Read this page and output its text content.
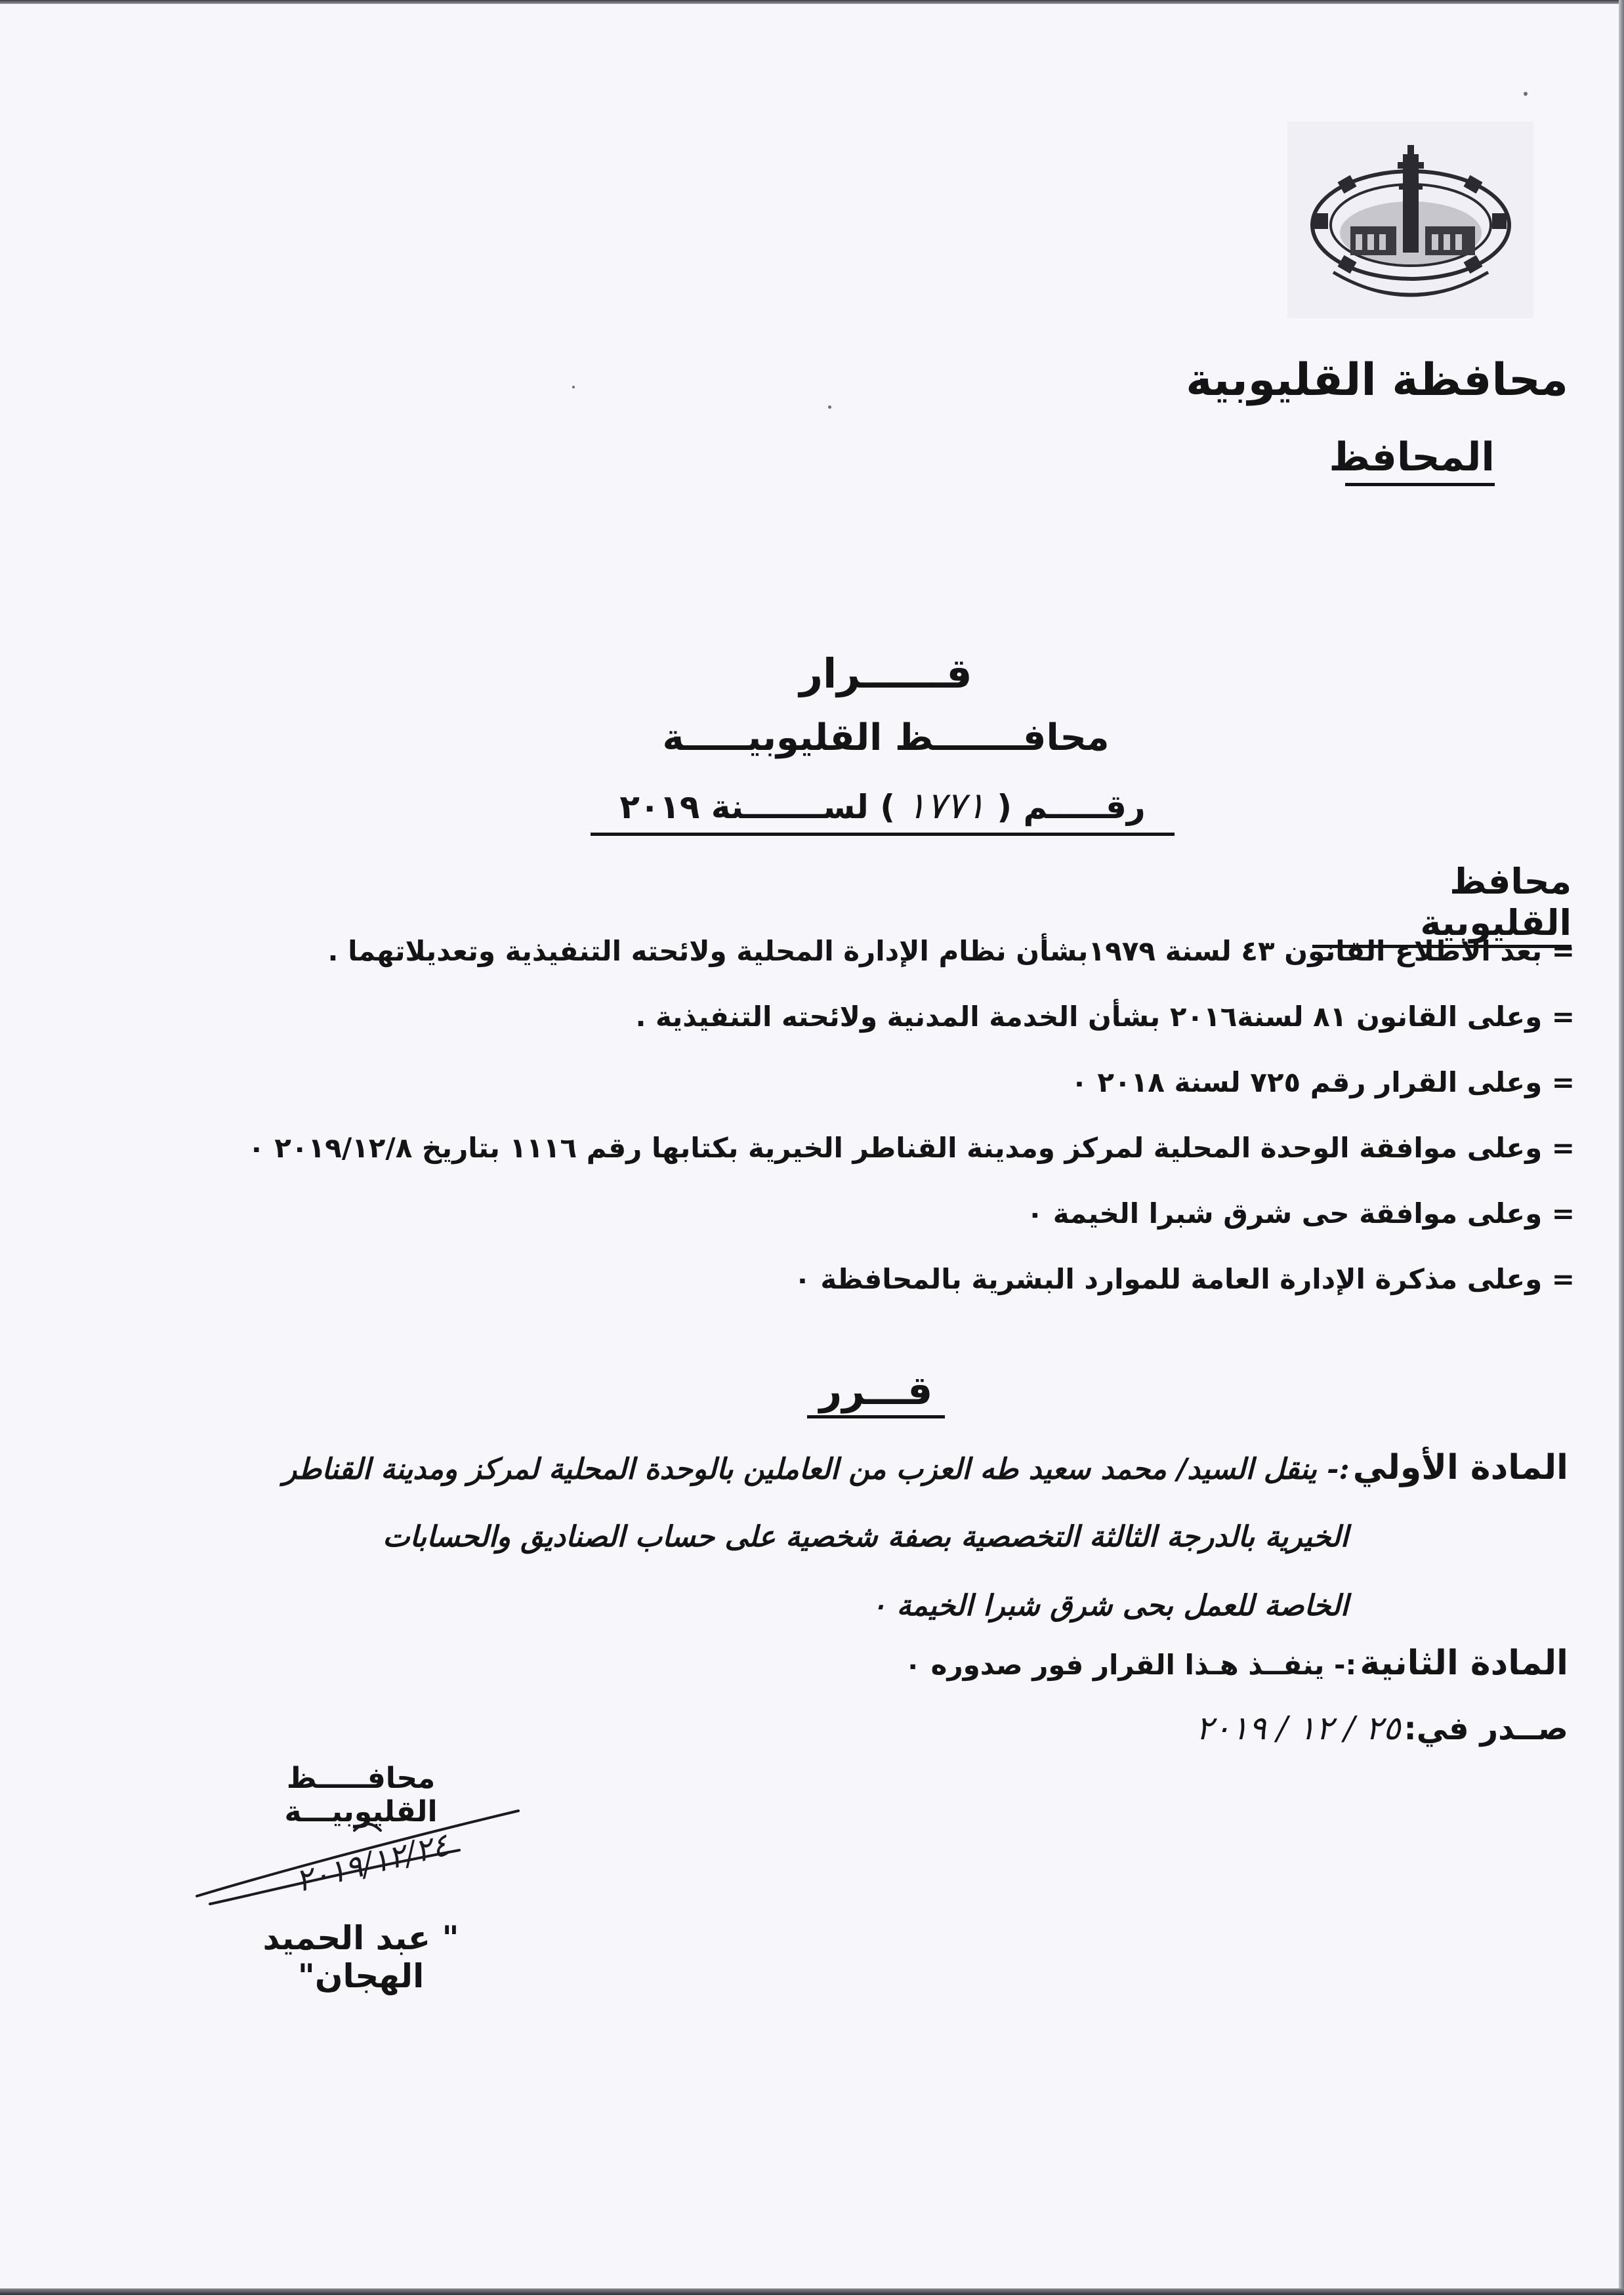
محافظة القليوبية
المحافظ
قــــــرار
محافـــــــظ القليوبيـــــة
رقـــــم ( ١٧٧١ ) لســـــــنة ٢٠١٩
محافظ القليوبية
= بعد الاطلاع القانون ٤٣ لسنة ١٩٧٩بشأن نظام الإدارة المحلية ولائحته التنفيذية وتعديلاتهما .
= وعلى القانون ٨١ لسنة٢٠١٦ بشأن الخدمة المدنية ولائحته التنفيذية .
= وعلى القرار رقم ٧٢٥ لسنة ٢٠١٨ ٠
= وعلى موافقة الوحدة المحلية لمركز ومدينة القناطر الخيرية بكتابها رقم ١١١٦ بتاريخ ٢٠١٩/١٢/٨ ٠
= وعلى موافقة حى شرق شبرا الخيمة ٠
= وعلى مذكرة الإدارة العامة للموارد البشرية بالمحافظة ٠
قـــرر
المادة الأولي :- ينقل السيد/ محمد سعيد طه العزب من العاملين بالوحدة المحلية لمركز ومدينة القناطر
الخيرية بالدرجة الثالثة التخصصية بصفة شخصية على حساب الصناديق والحسابات
الخاصة للعمل بحى شرق شبرا الخيمة ٠
المادة الثانية :- ينفــذ هـذا القرار فور صدوره ٠
صــدر في: ٢٥ / ١٢ / ٢٠١٩
محافـــــظ القليوبيـــة
٢٠١٩/١٢/٢٤
" عبد الحميد الهجان"
